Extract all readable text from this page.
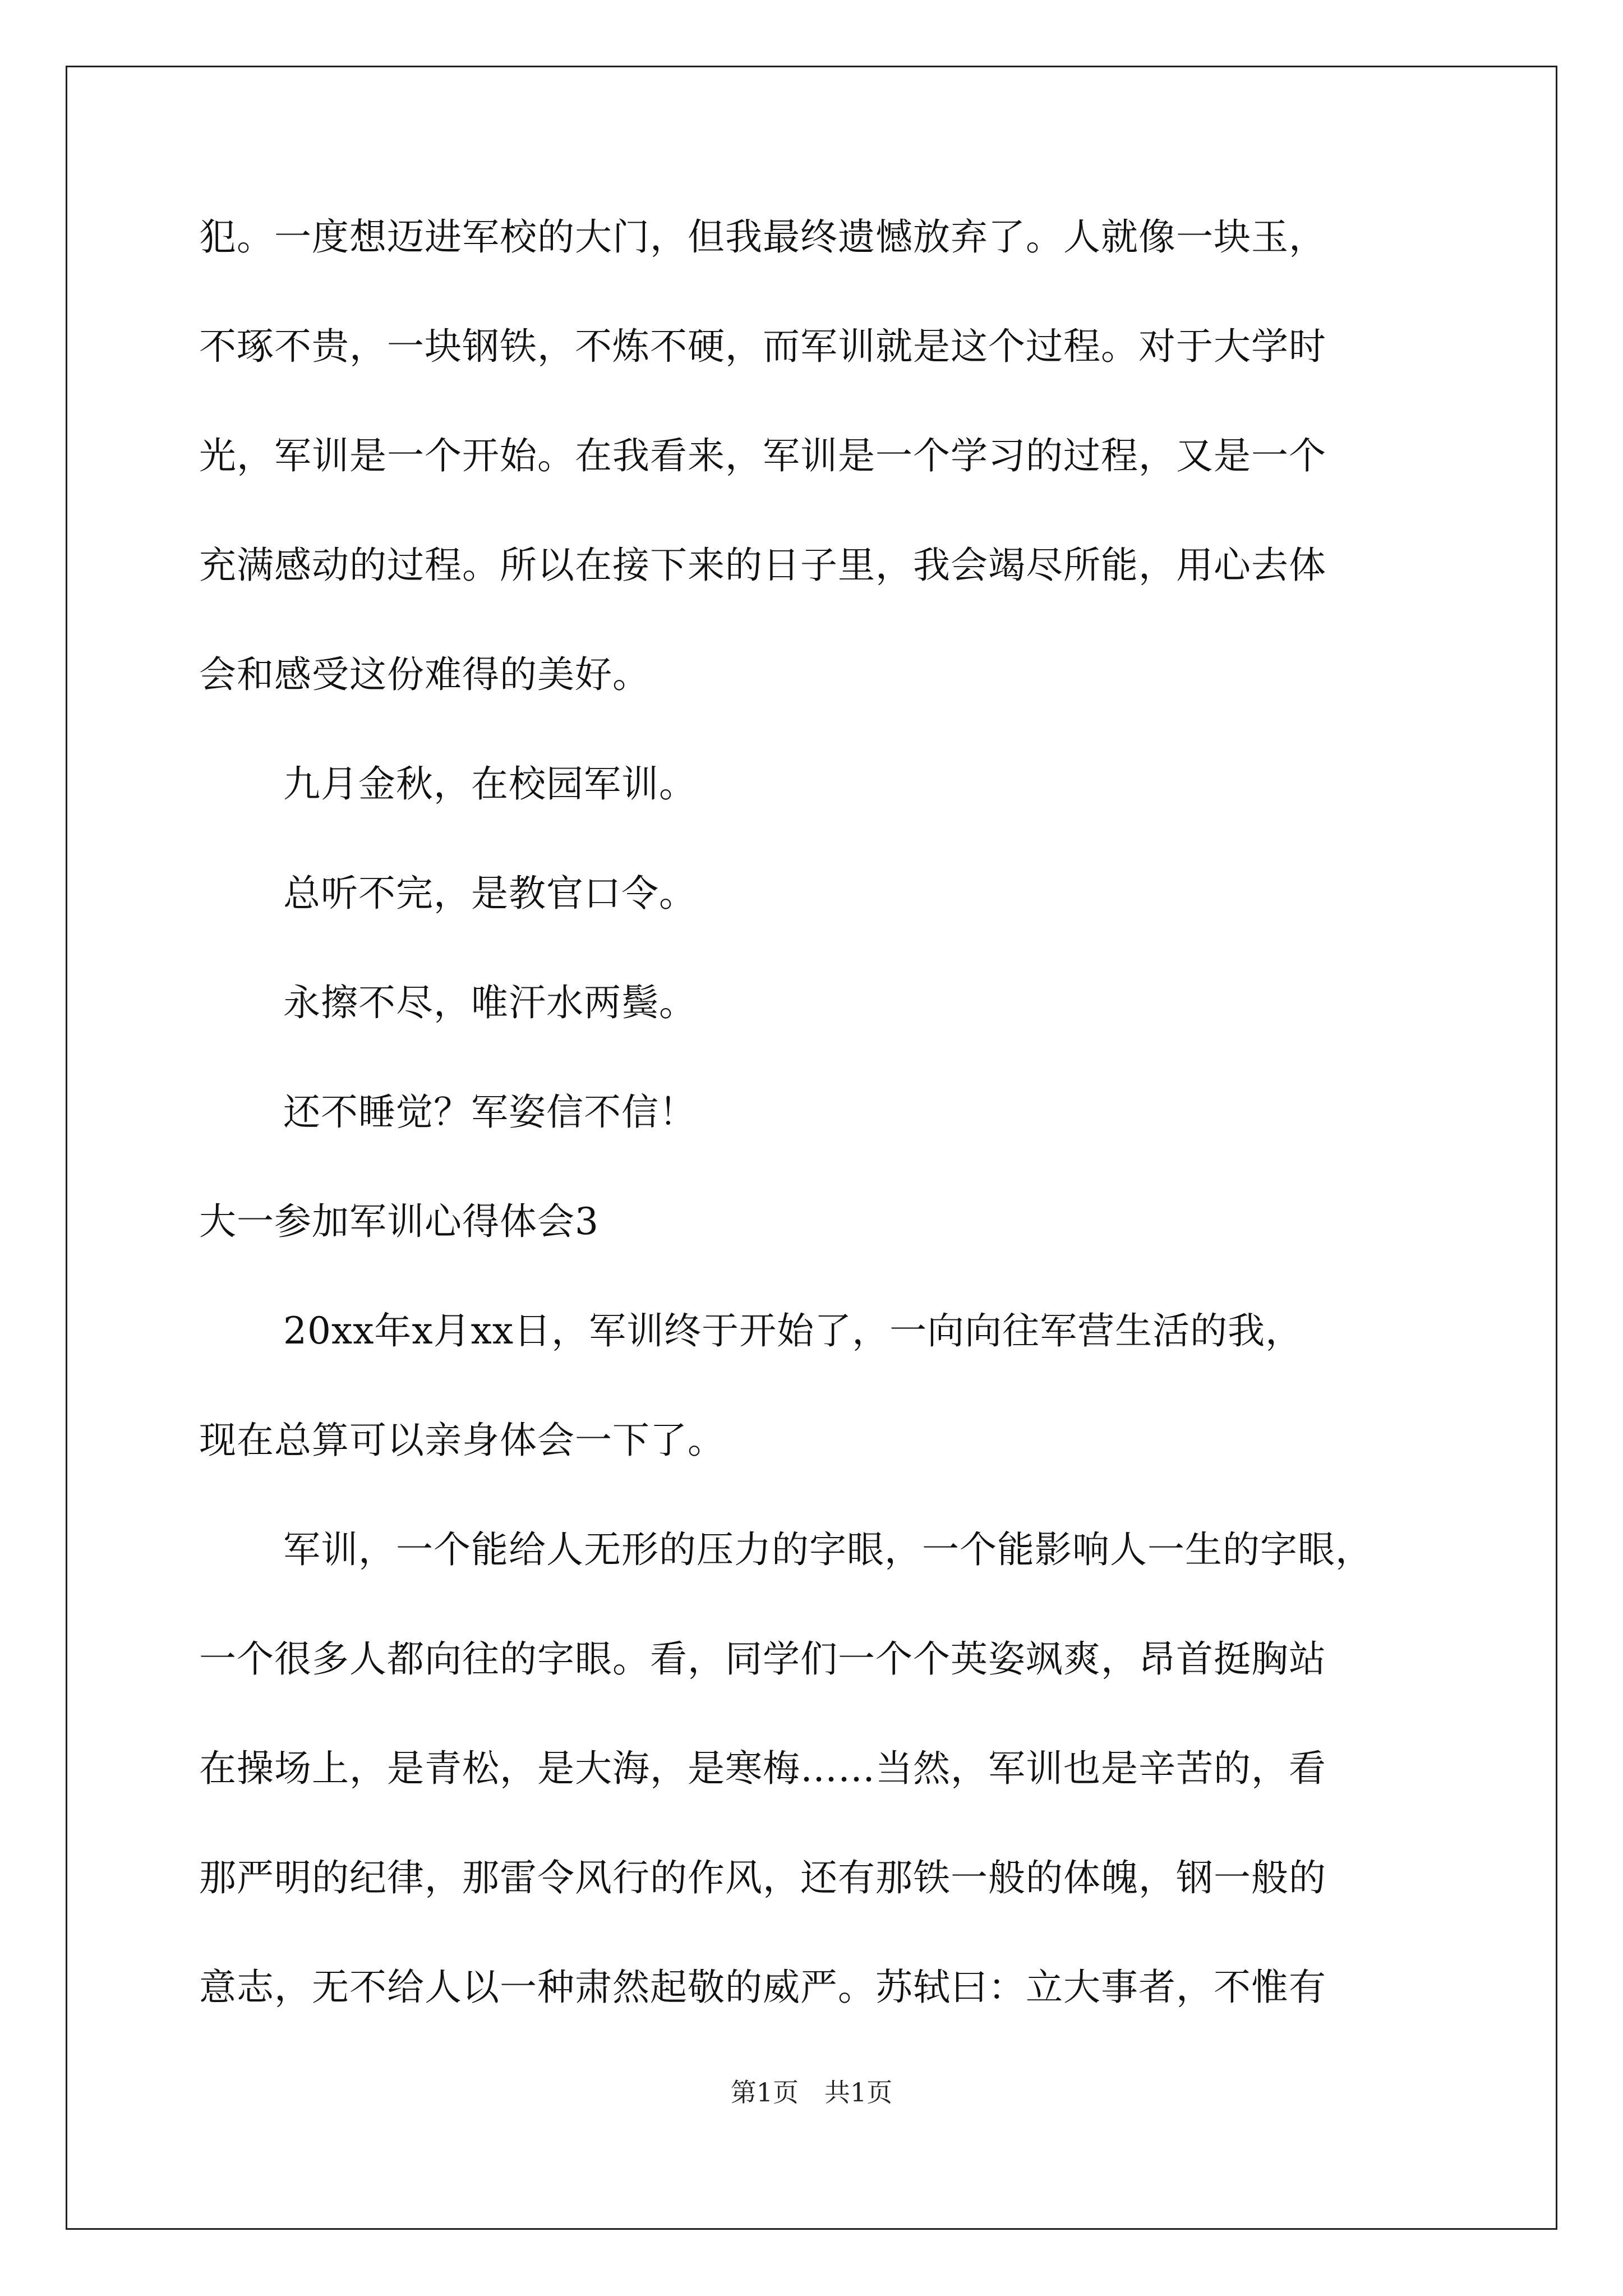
犯。一度想迈进军校的大门，但我最终遗憾放弃了。人就像一块玉，
不琢不贵，一块钢铁，不炼不硬，而军训就是这个过程。对于大学时
光，军训是一个开始。在我看来，军训是一个学习的过程，又是一个
充满感动的过程。所以在接下来的日子里，我会竭尽所能，用心去体
会和感受这份难得的美好。
九月金秋，在校园军训。
总听不完，是教官口令。
永擦不尽，唯汗水两鬓。
还不睡觉？军姿信不信！
大一参加军训心得体会3
20xx年x月xx日，军训终于开始了，一向向往军营生活的我，
现在总算可以亲身体会一下了。
军训，一个能给人无形的压力的字眼，一个能影响人一生的字眼，
一个很多人都向往的字眼。看，同学们一个个英姿飒爽，昂首挺胸站
在操场上，是青松，是大海，是寒梅……当然，军训也是辛苦的，看
那严明的纪律，那雷令风行的作风，还有那铁一般的体魄，钢一般的
意志，无不给人以一种肃然起敬的威严。苏轼曰：立大事者，不惟有
第1页　共1页
